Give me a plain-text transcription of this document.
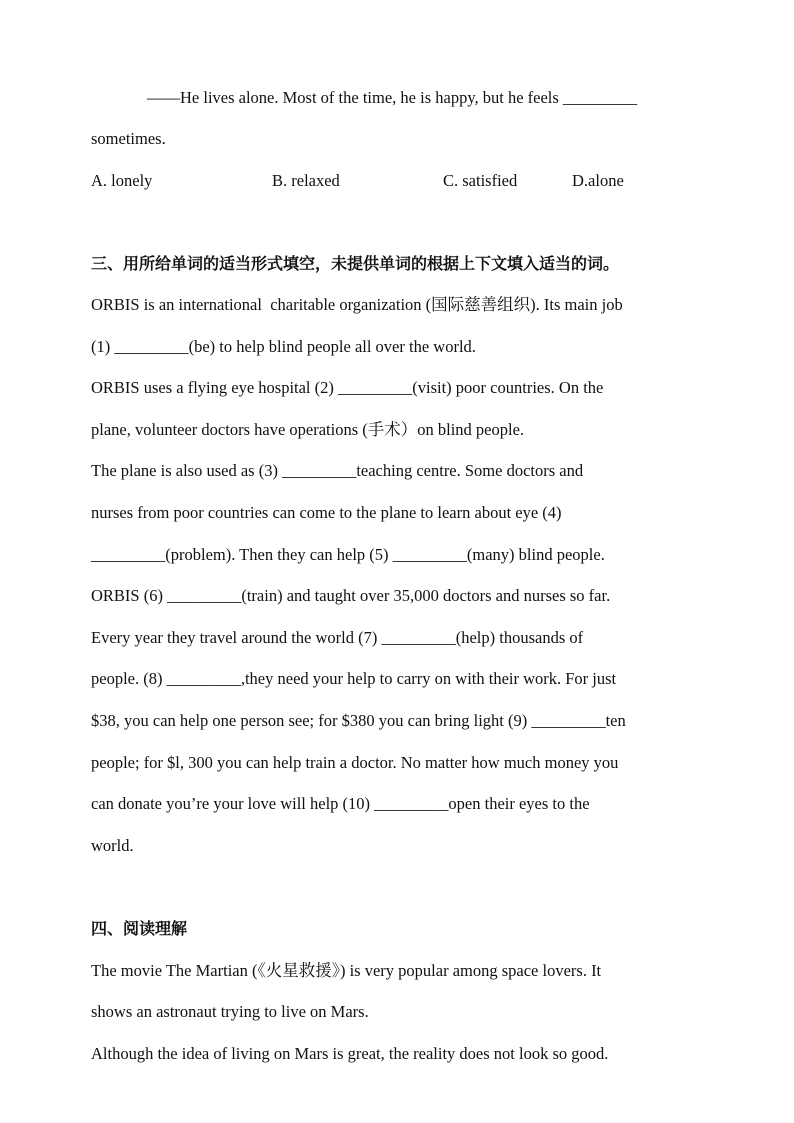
——He lives alone. Most of the time, he is happy, but he feels _________
sometimes.
A. lonely	B. relaxed	C. satisfied	D.alone
三、用所给单词的适当形式填空，未提供单词的根据上下文填入适当的词。
ORBIS is an international  charitable organization (国际慈善组织). Its main job
(1) _________(be) to help blind people all over the world.
ORBIS uses a flying eye hospital (2) _________(visit) poor countries. On the
plane, volunteer doctors have operations (手术）on blind people.
The plane is also used as (3) _________teaching centre. Some doctors and
nurses from poor countries can come to the plane to learn about eye (4)
_________(problem). Then they can help (5) _________(many) blind people.
ORBIS (6) _________(train) and taught over 35,000 doctors and nurses so far.
Every year they travel around the world (7) _________(help) thousands of
people. (8) _________,they need your help to carry on with their work. For just
$38, you can help one person see; for $380 you can bring light (9) _________ten
people; for $l, 300 you can help train a doctor. No matter how much money you
can donate you’re your love will help (10) _________open their eyes to the
world.
四、阅读理解
The movie The Martian (《火星救援》) is very popular among space lovers. It
shows an astronaut trying to live on Mars.
Although the idea of living on Mars is great, the reality does not look so good.
